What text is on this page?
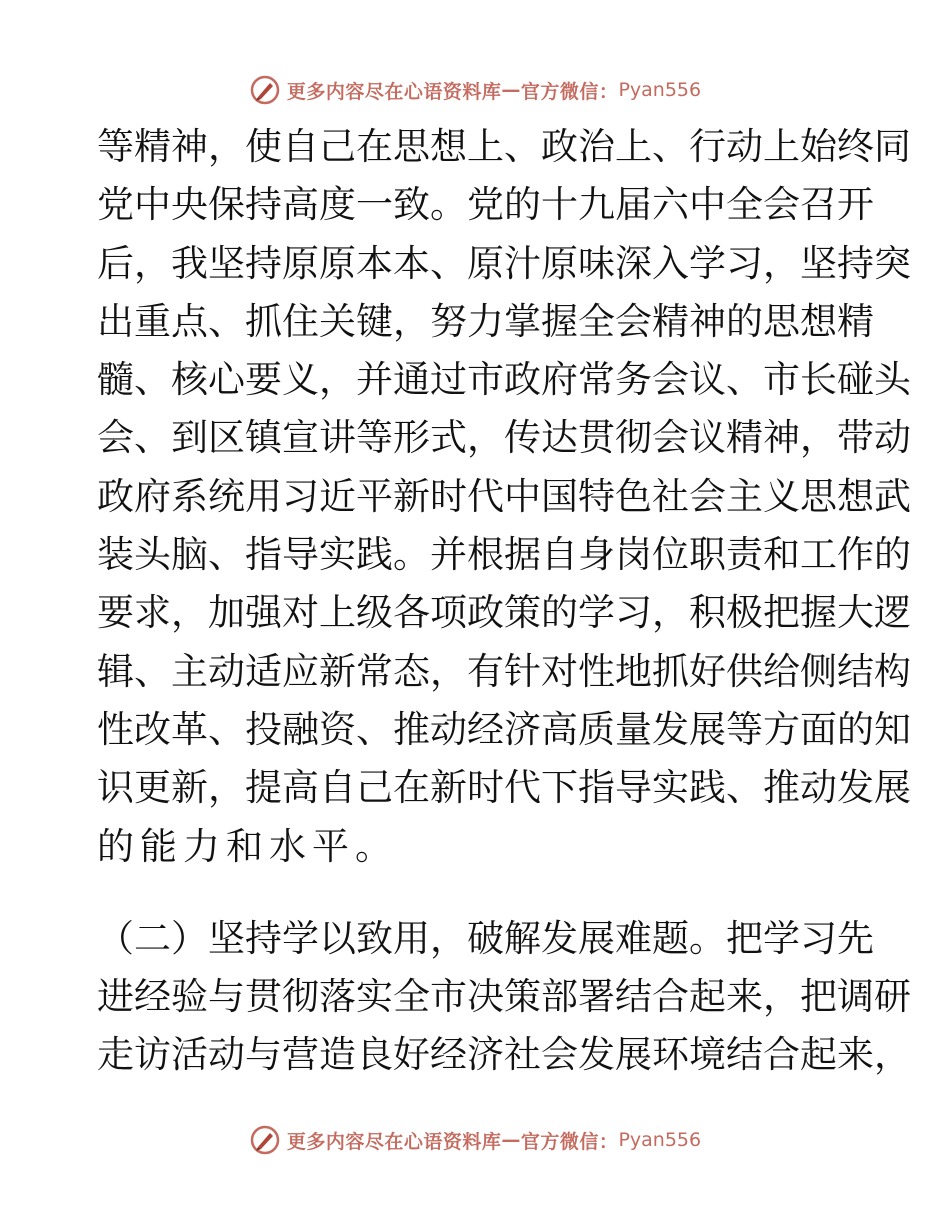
更多内容尽在心语资料库 — 官方微信： Pyan556
等 精 神 ， 使 自 己 在 思 想 上 、 政 治 上 、 行 动 上 始 终 同
党 中 央 保 持 高 度 一 致 。 党 的 十 九 届 六 中 全 会 召 开
后 ， 我 坚 持 原 原 本 本 、 原 汁 原 味 深 入 学 习 ， 坚 持 突
出 重 点 、 抓 住 关 键 ， 努 力 掌 握 全 会 精 神 的 思 想 精
髓 、 核 心 要 义 ， 并 通 过 市 政 府 常 务 会 议 、 市 长 碰 头
会 、 到 区 镇 宣 讲 等 形 式 ， 传 达 贯 彻 会 议 精 神 ， 带 动
政 府 系 统 用 习 近 平 新 时 代 中 国 特 色 社 会 主 义 思 想 武
装 头 脑 、 指 导 实 践 。 并 根 据 自 身 岗 位 职 责 和 工 作 的
要 求 ， 加 强 对 上 级 各 项 政 策 的 学 习 ， 积 极 把 握 大 逻
辑 、 主 动 适 应 新 常 态 ， 有 针 对 性 地 抓 好 供 给 侧 结 构
性 改 革 、 投 融 资 、 推 动 经 济 高 质 量 发 展 等 方 面 的 知
识 更 新 ， 提 高 自 己 在 新 时 代 下 指 导 实 践 、 推 动 发 展
的能力和水平。
（ 二 ） 坚 持 学 以 致 用 ， 破 解 发 展 难 题 。 把 学 习 先
进 经 验 与 贯 彻 落 实 全 市 决 策 部 署 结 合 起 来 ， 把 调 研
走 访 活 动 与 营 造 良 好 经 济 社 会 发 展 环 境 结 合 起 来 ，
更多内容尽在心语资料库 — 官方微信： Pyan556
